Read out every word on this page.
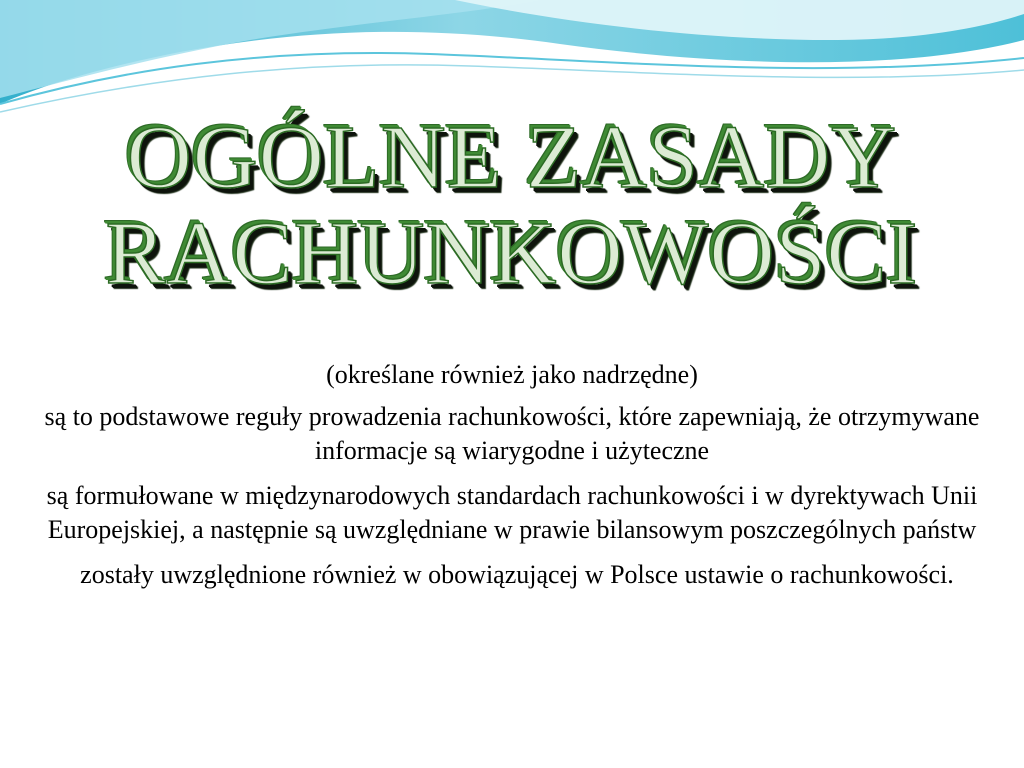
OGÓLNE ZASADY
RACHUNKOWOŚCI

(określane również jako nadrzędne)

są to podstawowe reguły prowadzenia rachunkowości, które zapewniają, że otrzymywane informacje są wiarygodne i użyteczne

są formułowane w międzynarodowych standardach rachunkowości i w dyrektywach Unii Europejskiej, a następnie są uwzględniane w prawie bilansowym poszczególnych państw

zostały uwzględnione również w obowiązującej w Polsce ustawie o rachunkowości.
